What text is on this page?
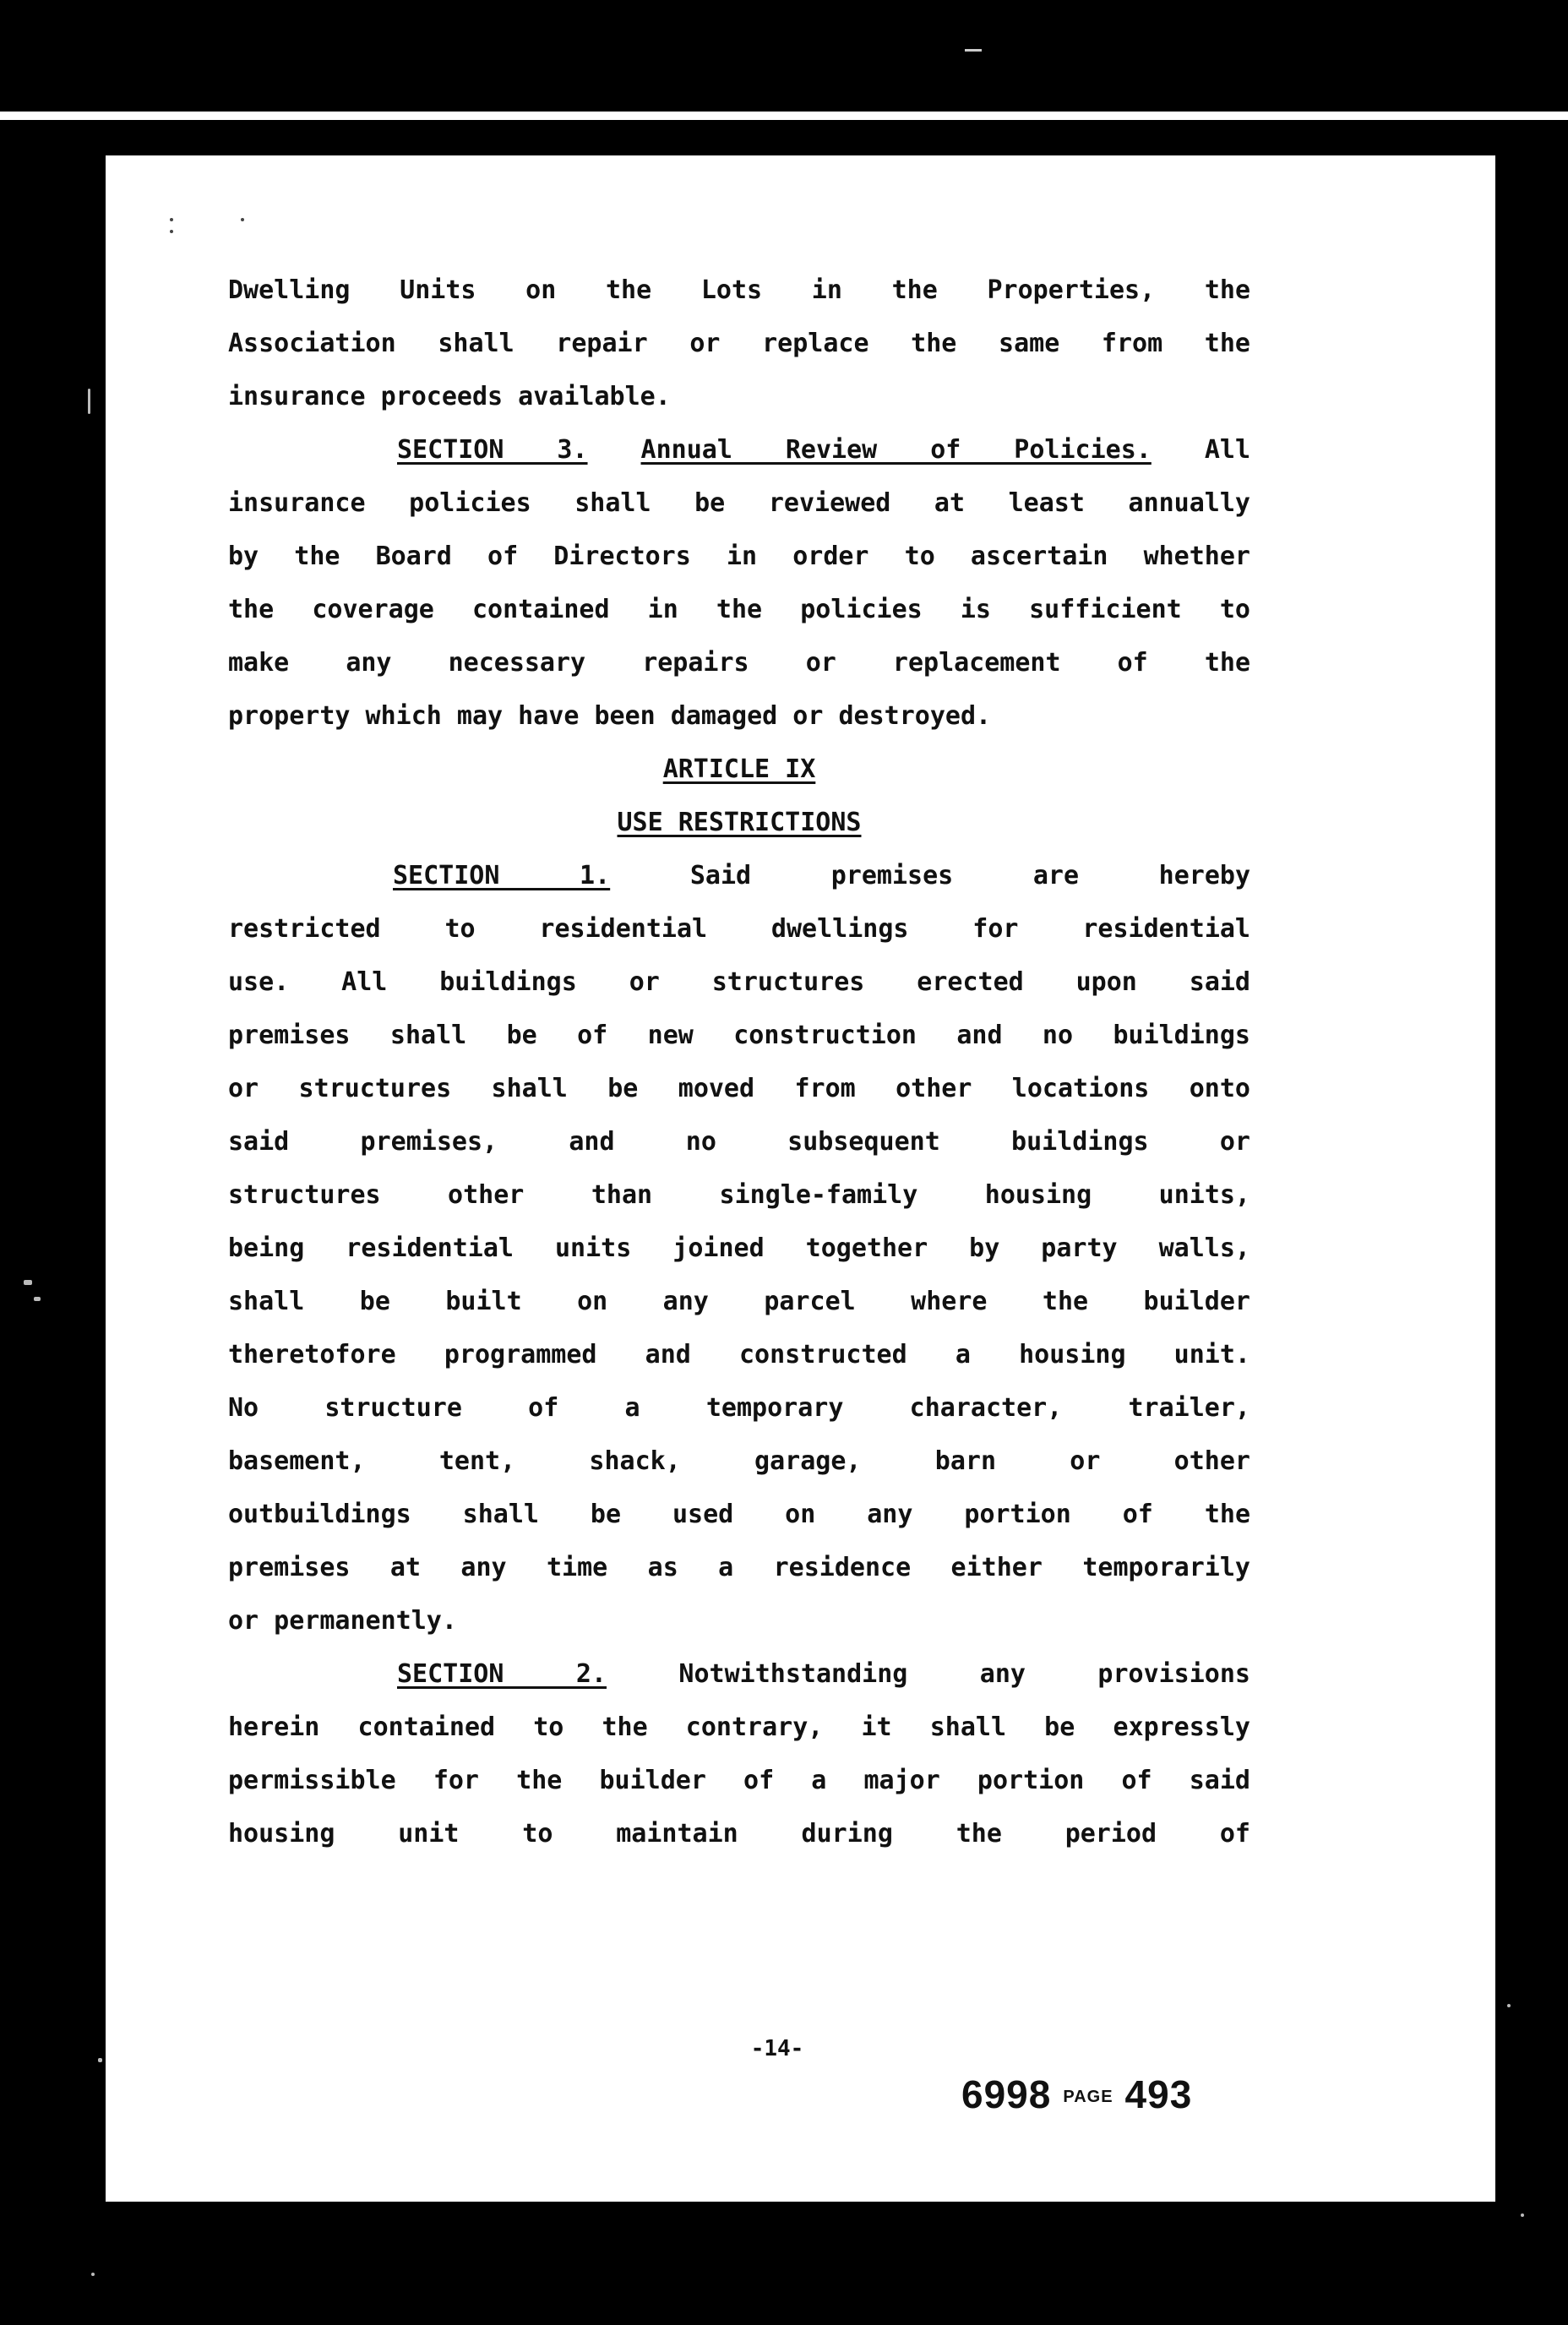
Dwelling Units on the Lots in the Properties, the
Association shall repair or replace the same from the
insurance proceeds available.
SECTION 3. Annual Review of Policies. All
insurance policies shall be reviewed at least annually
by the Board of Directors in order to ascertain whether
the coverage contained in the policies is sufficient to
make any necessary repairs or replacement of the
property which may have been damaged or destroyed.
ARTICLE IX
USE RESTRICTIONS
SECTION 1.	Said premises are hereby
restricted to residential dwellings for residential
use. All buildings or structures erected upon said
premises shall be of new construction and no buildings
or structures shall be moved from other locations onto
said premises, and no subsequent buildings or
structures other than single-family housing units,
being residential units joined together by party walls,
shall be built on any parcel where the builder
theretofore programmed and constructed a housing unit.
No structure of a temporary character, trailer,
basement, tent, shack, garage, barn or other
outbuildings shall be used on any portion of the
premises at any time as a residence either temporarily
or permanently.
SECTION 2.	Notwithstanding any provisions
herein contained to the contrary, it shall be expressly
permissible for the builder of a major portion of said
housing unit to maintain during the period of
-14-
6998 PAGE 493
